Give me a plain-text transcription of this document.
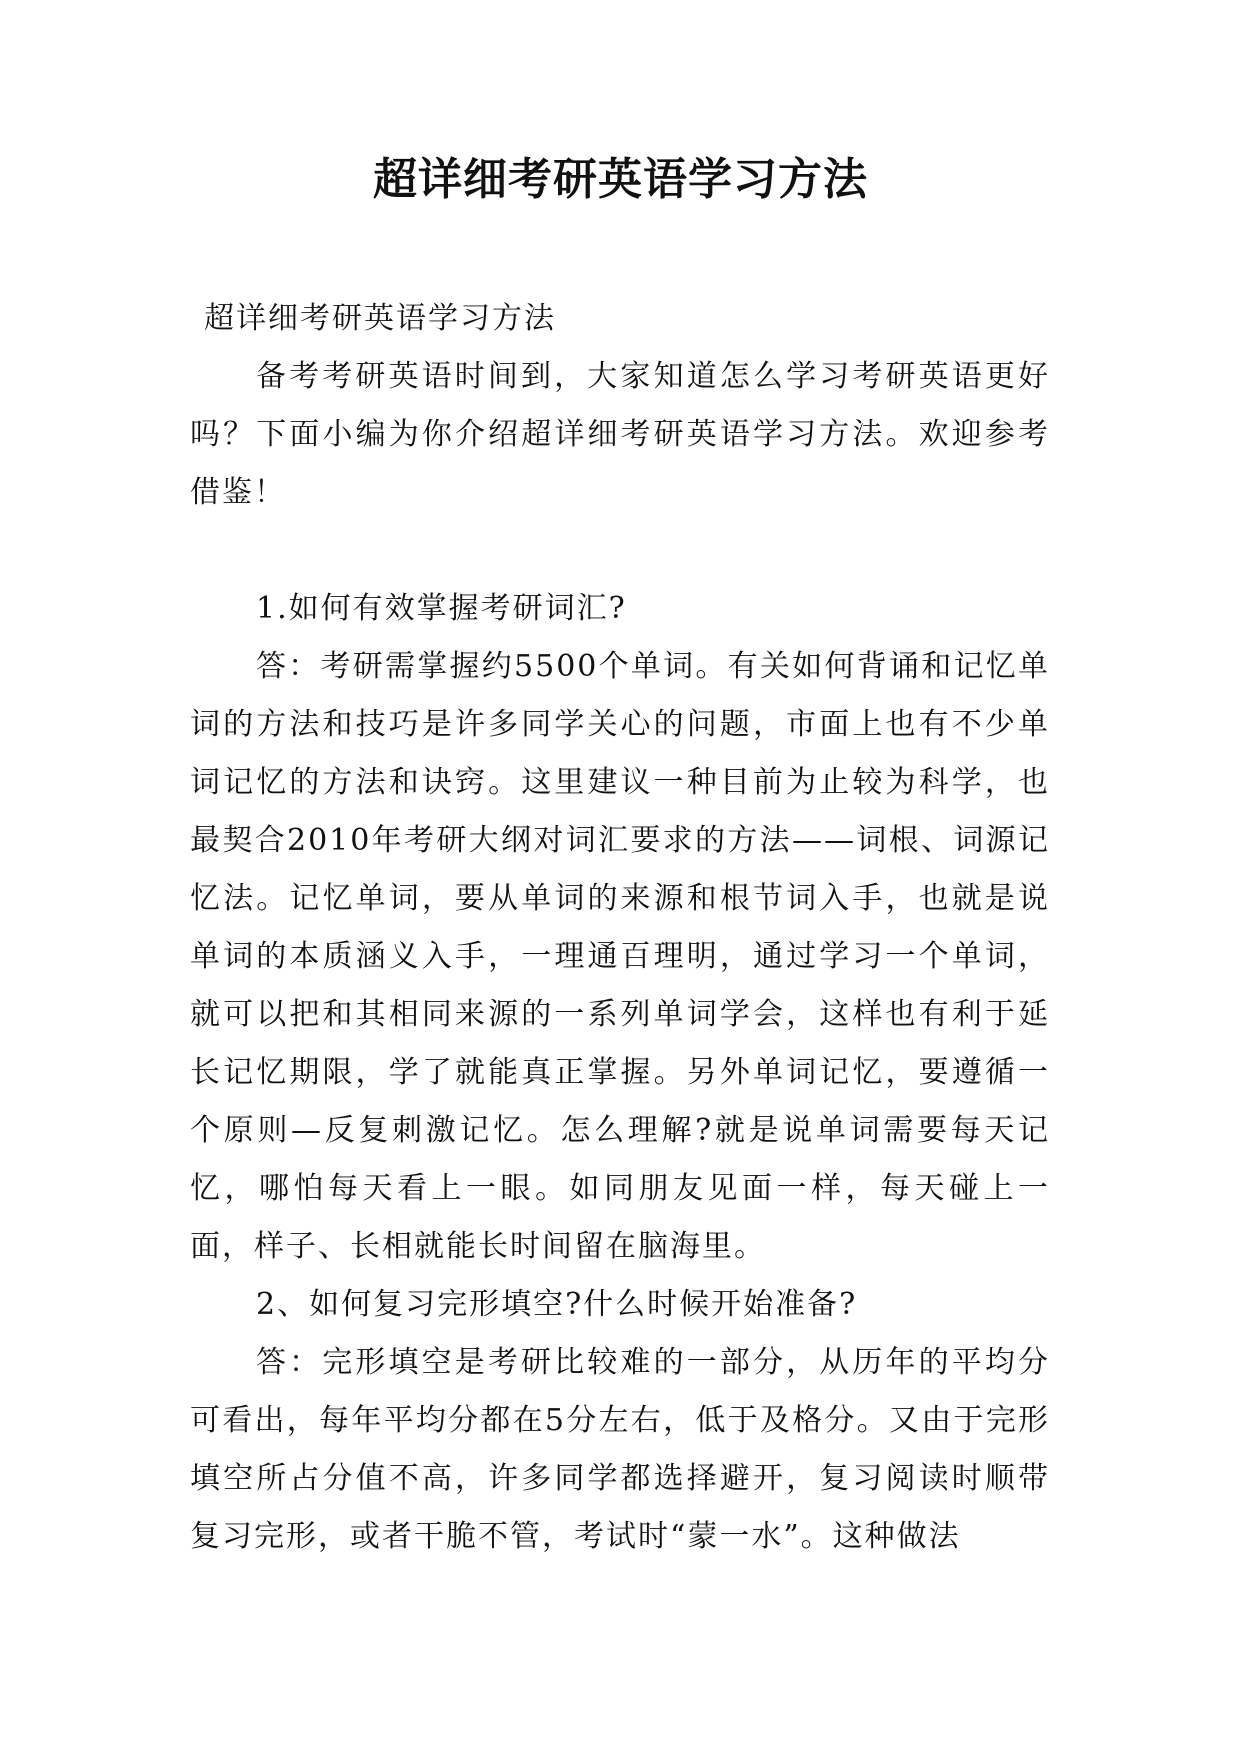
超详细考研英语学习方法

超详细考研英语学习方法

备考考研英语时间到，大家知道怎么学习考研英语更好吗？下面小编为你介绍超详细考研英语学习方法。欢迎参考借鉴！

1.如何有效掌握考研词汇?

答：考研需掌握约5500个单词。有关如何背诵和记忆单词的方法和技巧是许多同学关心的问题，市面上也有不少单词记忆的方法和诀窍。这里建议一种目前为止较为科学，也最契合2010年考研大纲对词汇要求的方法——词根、词源记忆法。记忆单词，要从单词的来源和根节词入手，也就是说单词的本质涵义入手，一理通百理明，通过学习一个单词，就可以把和其相同来源的一系列单词学会，这样也有利于延长记忆期限，学了就能真正掌握。另外单词记忆，要遵循一个原则—反复刺激记忆。怎么理解?就是说单词需要每天记忆，哪怕每天看上一眼。如同朋友见面一样，每天碰上一面，样子、长相就能长时间留在脑海里。

2、如何复习完形填空?什么时候开始准备?

答：完形填空是考研比较难的一部分，从历年的平均分可看出，每年平均分都在5分左右，低于及格分。又由于完形填空所占分值不高，许多同学都选择避开，复习阅读时顺带复习完形，或者干脆不管，考试时“蒙一水”。这种做法
